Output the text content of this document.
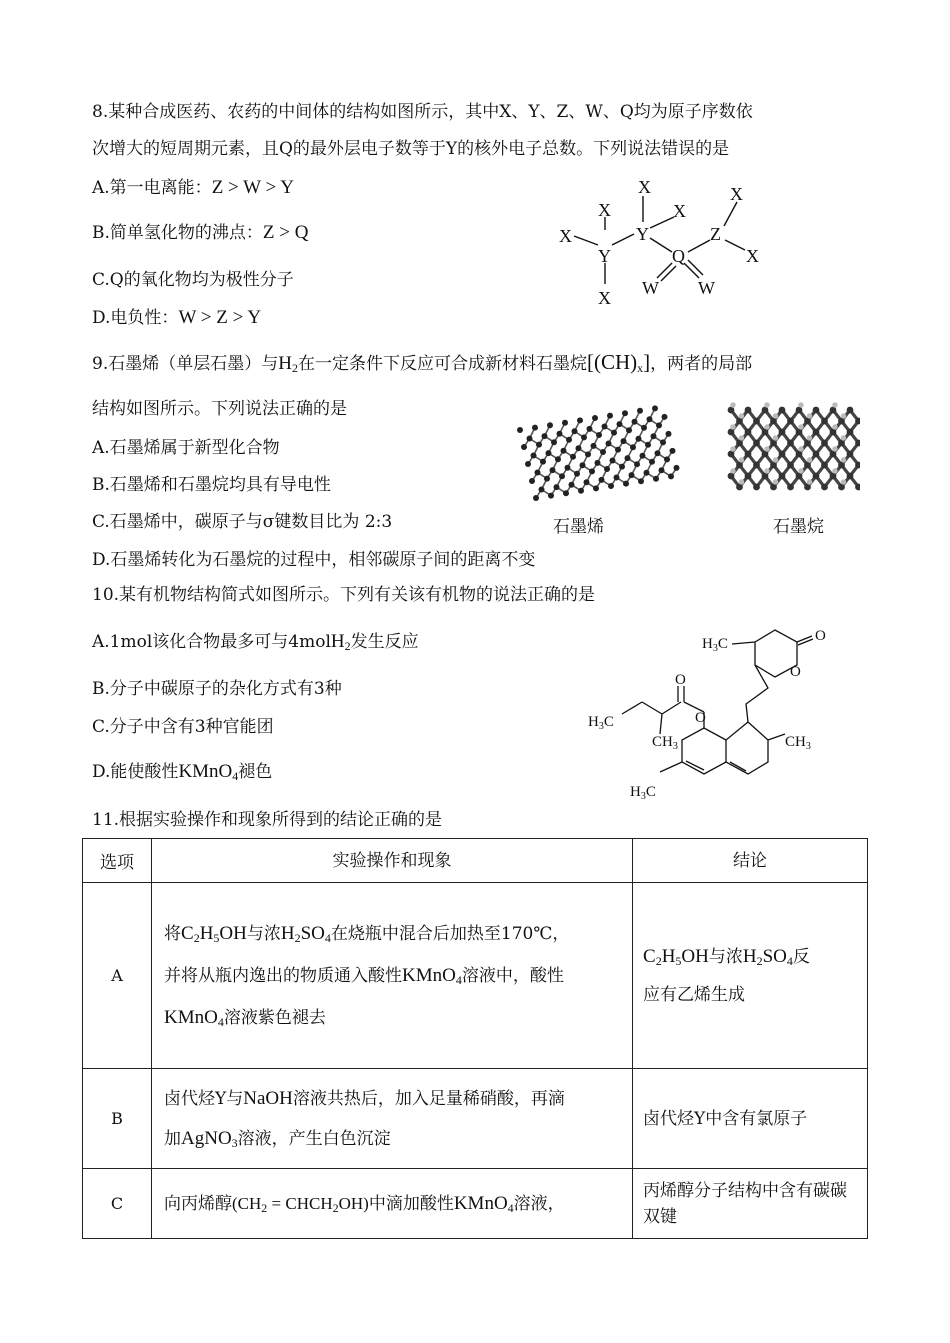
8.某种合成医药、农药的中间体的结构如图所示，其中X、Y、Z、W、Q均为原子序数依
次增大的短周期元素，且Q的最外层电子数等于Y的核外电子总数。下列说法错误的是
A.第一电离能：Z > W > Y
B.简单氢化物的沸点：Z > Q
C.Q的氧化物均为极性分子
D.电负性：W > Z > Y
X
X	X
X
X
X
X
Y
Y	Q
Z
W W
9.石墨烯（单层石墨）与$H_2$在一定条件下反应可合成新材料石墨烷$[(CH)_x]$，两者的局部
结构如图所示。下列说法正确的是
A.石墨烯属于新型化合物
B.石墨烯和石墨烷均具有导电性
C.石墨烯中，碳原子与σ键数目比为 2:3
D.石墨烯转化为石墨烷的过程中，相邻碳原子间的距离不变
石墨烯	石墨烷
10.某有机物结构简式如图所示。下列有关该有机物的说法正确的是
A.1mol该化合物最多可与4molH$_2$发生反应
B.分子中碳原子的杂化方式有3种
C.分子中含有3种官能团
D.能使酸性KMnO$_4$褪色
O
O
O
O
$H_3C$
$H_3C$
$CH_3$	$CH_3$
$H_3C$
11.根据实验操作和现象所得到的结论正确的是
选项	实验操作和现象	结论
A	将$C_2H_5OH$与浓$H_2SO_4$在烧瓶中混合后加热至170℃，
并将从瓶内逸出的物质通入酸性KMnO$_4$溶液中，酸性
KMnO$_4$溶液紫色褪去	$C_2H_5OH$与浓$H_2SO_4$反
应有乙烯生成
B	卤代烃Y与NaOH溶液共热后，加入足量稀硝酸，再滴
加AgNO$_3$溶液，产生白色沉淀	卤代烃Y中含有氯原子
C	向丙烯醇($CH_2$ = $CHCH_2OH$)中滴加酸性KMnO$_4$溶液，	丙烯醇分子结构中含有碳碳双键
